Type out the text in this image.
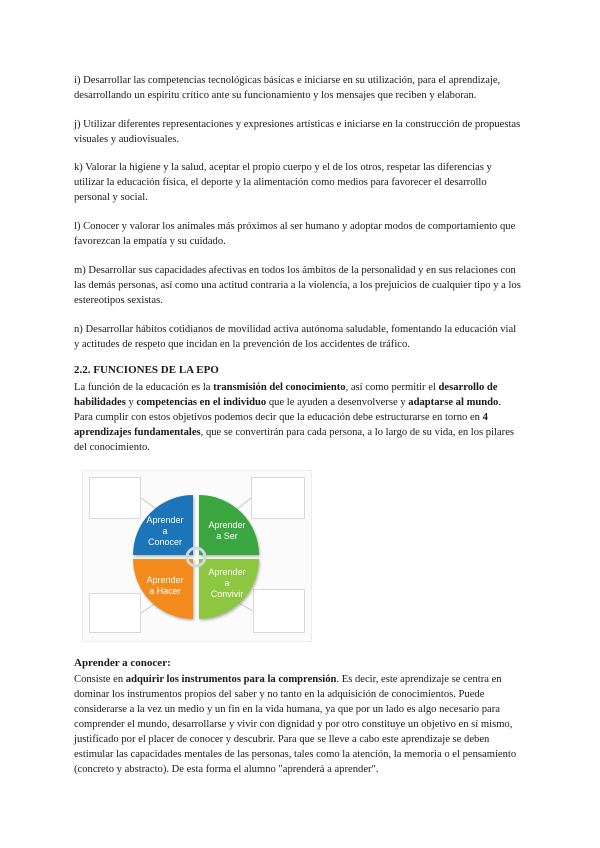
i) Desarrollar las competencias tecnológicas básicas e iniciarse en su utilización, para el aprendizaje, desarrollando un espíritu crítico ante su funcionamiento y los mensajes que reciben y elaboran.

j) Utilizar diferentes representaciones y expresiones artísticas e iniciarse en la construcción de propuestas visuales y audiovisuales.

k) Valorar la higiene y la salud, aceptar el propio cuerpo y el de los otros, respetar las diferencias y utilizar la educación física, el deporte y la alimentación como medios para favorecer el desarrollo personal y social.

l) Conocer y valorar los animales más próximos al ser humano y adoptar modos de comportamiento que favorezcan la empatía y su cuidado.

m) Desarrollar sus capacidades afectivas en todos los ámbitos de la personalidad y en sus relaciones con las demás personas, así como una actitud contraria a la violencia, a los prejuicios de cualquier tipo y a los estereotipos sexistas.

n) Desarrollar hábitos cotidianos de movilidad activa autónoma saludable, fomentando la educación vial y actitudes de respeto que incidan en la prevención de los accidentes de tráfico.

2.2. FUNCIONES DE LA EPO

La función de la educación es la transmisión del conocimiento, así como permitir el desarrollo de habilidades y competencias en el individuo que le ayuden a desenvolverse y adaptarse al mundo. Para cumplir con estos objetivos podemos decir que la educación debe estructurarse en torno en 4 aprendizajes fundamentales, que se convertirán para cada persona, a lo largo de su vida, en los pilares del conocimiento.

Aprender
a
Conocer
Aprender
a Ser
Aprender
a Hacer
Aprender
a
Convivir
Aprender a conocer:

Consiste en adquirir los instrumentos para la comprensión. Es decir, este aprendizaje se centra en dominar los instrumentos propios del saber y no tanto en la adquisición de conocimientos. Puede considerarse a la vez un medio y un fin en la vida humana, ya que por un lado es algo necesario para comprender el mundo, desarrollarse y vivir con dignidad y por otro constituye un objetivo en sí mismo, justificado por el placer de conocer y descubrir. Para que se lleve a cabo este aprendizaje se deben estimular las capacidades mentales de las personas, tales como la atención, la memoria o el pensamiento (concreto y abstracto). De esta forma el alumno "aprenderá a aprender".
